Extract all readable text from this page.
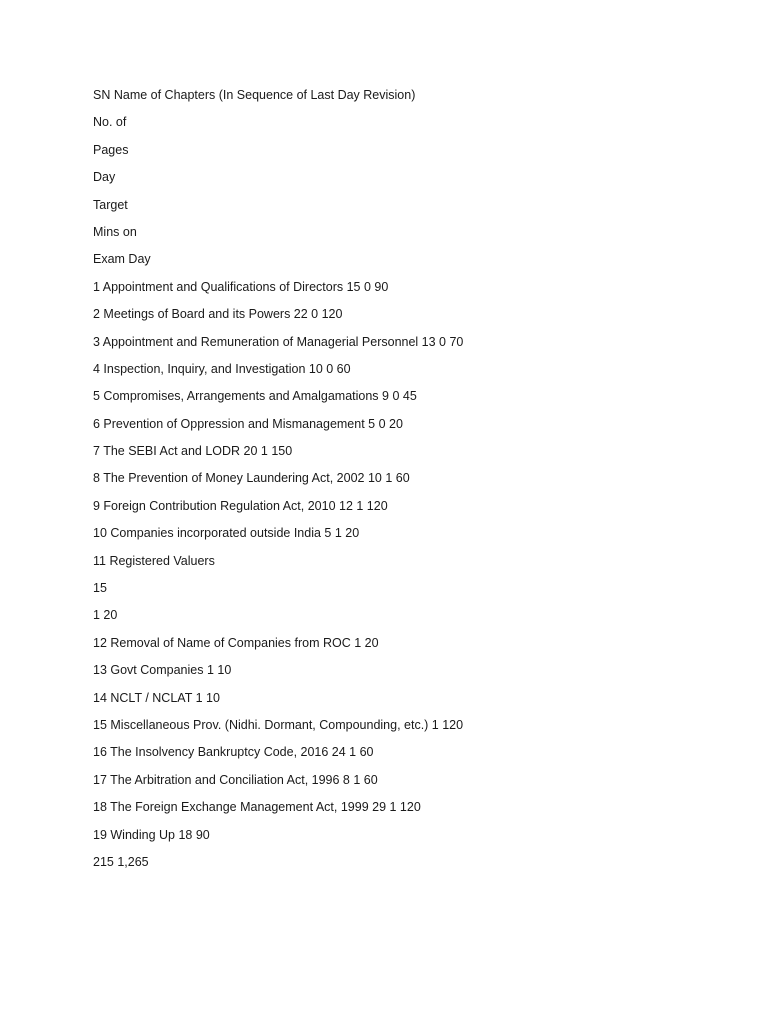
SN Name of Chapters (In Sequence of Last Day Revision)
No. of
Pages
Day
Target
Mins on
Exam Day
1 Appointment and Qualifications of Directors 15 0 90
2 Meetings of Board and its Powers 22 0 120
3 Appointment and Remuneration of Managerial Personnel 13 0 70
4 Inspection, Inquiry, and Investigation 10 0 60
5 Compromises, Arrangements and Amalgamations 9 0 45
6 Prevention of Oppression and Mismanagement 5 0 20
7 The SEBI Act and LODR 20 1 150
8 The Prevention of Money Laundering Act, 2002 10 1 60
9 Foreign Contribution Regulation Act, 2010 12 1 120
10 Companies incorporated outside India 5 1 20
11 Registered Valuers
15
1 20
12 Removal of Name of Companies from ROC 1 20
13 Govt Companies 1 10
14 NCLT / NCLAT 1 10
15 Miscellaneous Prov. (Nidhi. Dormant, Compounding, etc.) 1 120
16 The Insolvency Bankruptcy Code, 2016 24 1 60
17 The Arbitration and Conciliation Act, 1996 8 1 60
18 The Foreign Exchange Management Act, 1999 29 1 120
19 Winding Up 18 90
215 1,265
